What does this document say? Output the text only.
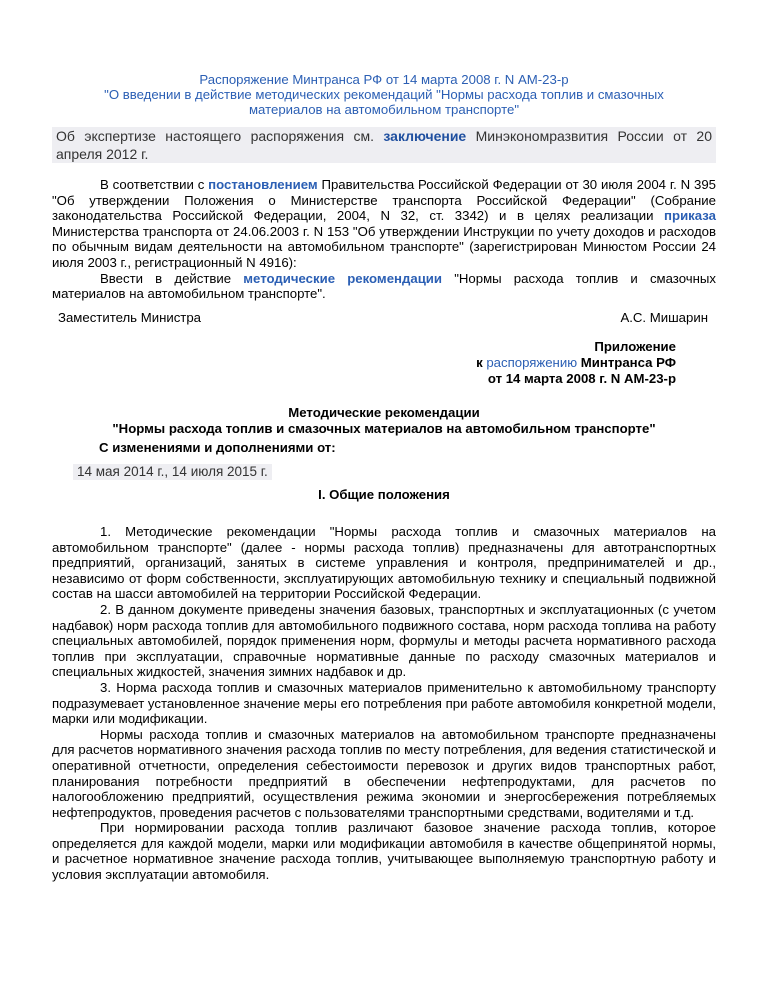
Распоряжение Минтранса РФ от 14 марта 2008 г. N АМ-23-р
"О введении в действие методических рекомендаций "Нормы расхода топлив и смазочных
материалов на автомобильном транспорте"
Об экспертизе настоящего распоряжения см. заключение Минэкономразвития России от 20 апреля 2012 г.

В соответствии с постановлением Правительства Российской Федерации от 30 июля 2004 г. N 395 "Об утверждении Положения о Министерстве транспорта Российской Федерации" (Собрание законодательства Российской Федерации, 2004, N 32, ст. 3342) и в целях реализации приказа Министерства транспорта от 24.06.2003 г. N 153 "Об утверждении Инструкции по учету доходов и расходов по обычным видам деятельности на автомобильном транспорте" (зарегистрирован Минюстом России 24 июля 2003 г., регистрационный N 4916):

Ввести в действие методические рекомендации "Нормы расхода топлив и смазочных материалов на автомобильном транспорте".

Заместитель Министра	А.С. Мишарин
Приложение
к распоряжению Минтранса РФ
от 14 марта 2008 г. N АМ-23-р
Методические рекомендации
"Нормы расхода топлив и смазочных материалов на автомобильном транспорте"
С изменениями и дополнениями от:
14 мая 2014 г., 14 июля 2015 г.
I. Общие положения

1. Методические рекомендации "Нормы расхода топлив и смазочных материалов на автомобильном транспорте" (далее - нормы расхода топлив) предназначены для автотранспортных предприятий, организаций, занятых в системе управления и контроля, предпринимателей и др., независимо от форм собственности, эксплуатирующих автомобильную технику и специальный подвижной состав на шасси автомобилей на территории Российской Федерации.

2. В данном документе приведены значения базовых, транспортных и эксплуатационных (с учетом надбавок) норм расхода топлив для автомобильного подвижного состава, норм расхода топлива на работу специальных автомобилей, порядок применения норм, формулы и методы расчета нормативного расхода топлив при эксплуатации, справочные нормативные данные по расходу смазочных материалов и специальных жидкостей, значения зимних надбавок и др.

3. Норма расхода топлив и смазочных материалов применительно к автомобильному транспорту подразумевает установленное значение меры его потребления при работе автомобиля конкретной модели, марки или модификации.

Нормы расхода топлив и смазочных материалов на автомобильном транспорте предназначены для расчетов нормативного значения расхода топлив по месту потребления, для ведения статистической и оперативной отчетности, определения себестоимости перевозок и других видов транспортных работ, планирования потребности предприятий в обеспечении нефтепродуктами, для расчетов по налогообложению предприятий, осуществления режима экономии и энергосбережения потребляемых нефтепродуктов, проведения расчетов с пользователями транспортными средствами, водителями и т.д.

При нормировании расхода топлив различают базовое значение расхода топлив, которое определяется для каждой модели, марки или модификации автомобиля в качестве общепринятой нормы, и расчетное нормативное значение расхода топлив, учитывающее выполняемую транспортную работу и условия эксплуатации автомобиля.
